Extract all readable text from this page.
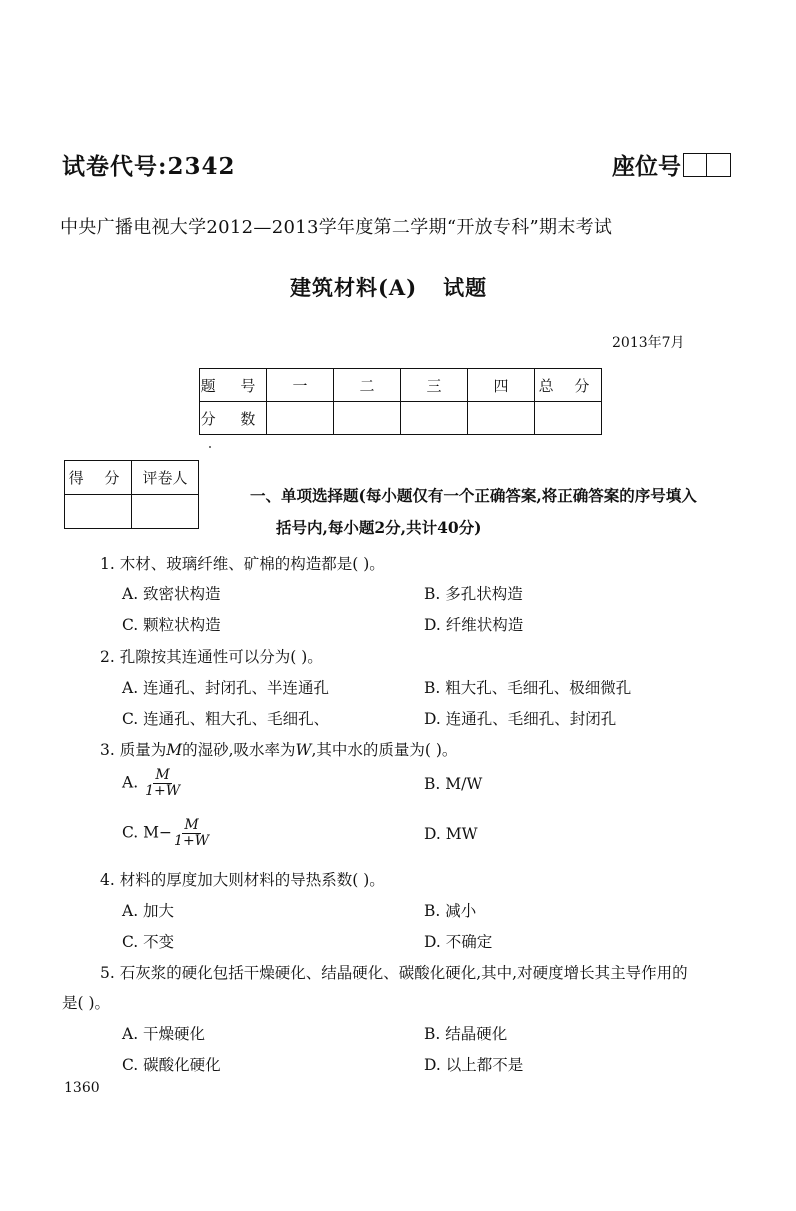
试卷代号:2342	座位号
中央广播电视大学2012—2013学年度第二学期“开放专科”期末考试
建筑材料(A) 试题
2013年7月
题 号	一	二	三	四	总 分
分 数					
得 分	评卷人

一、单项选择题(每小题仅有一个正确答案,将正确答案的序号填入
括号内,每小题2分,共计40分)
1. 木材、玻璃纤维、矿棉的构造都是( )。
A. 致密状构造	B. 多孔状构造
C. 颗粒状构造	D. 纤维状构造
2. 孔隙按其连通性可以分为( )。
A. 连通孔、封闭孔、半连通孔	B. 粗大孔、毛细孔、极细微孔
C. 连通孔、粗大孔、毛细孔、	D. 连通孔、毛细孔、封闭孔
3. 质量为M的湿砂,吸水率为W,其中水的质量为( )。
A. $\frac{M}{1+W}$	B. M/W
C. $M- \frac{M}{1+W}$	D. MW
4. 材料的厚度加大则材料的导热系数( )。
A. 加大	B. 减小
C. 不变	D. 不确定
5. 石灰浆的硬化包括干燥硬化、结晶硬化、碳酸化硬化,其中,对硬度增长其主导作用的
是( )。
A. 干燥硬化	B. 结晶硬化
C. 碳酸化硬化	D. 以上都不是
1360
